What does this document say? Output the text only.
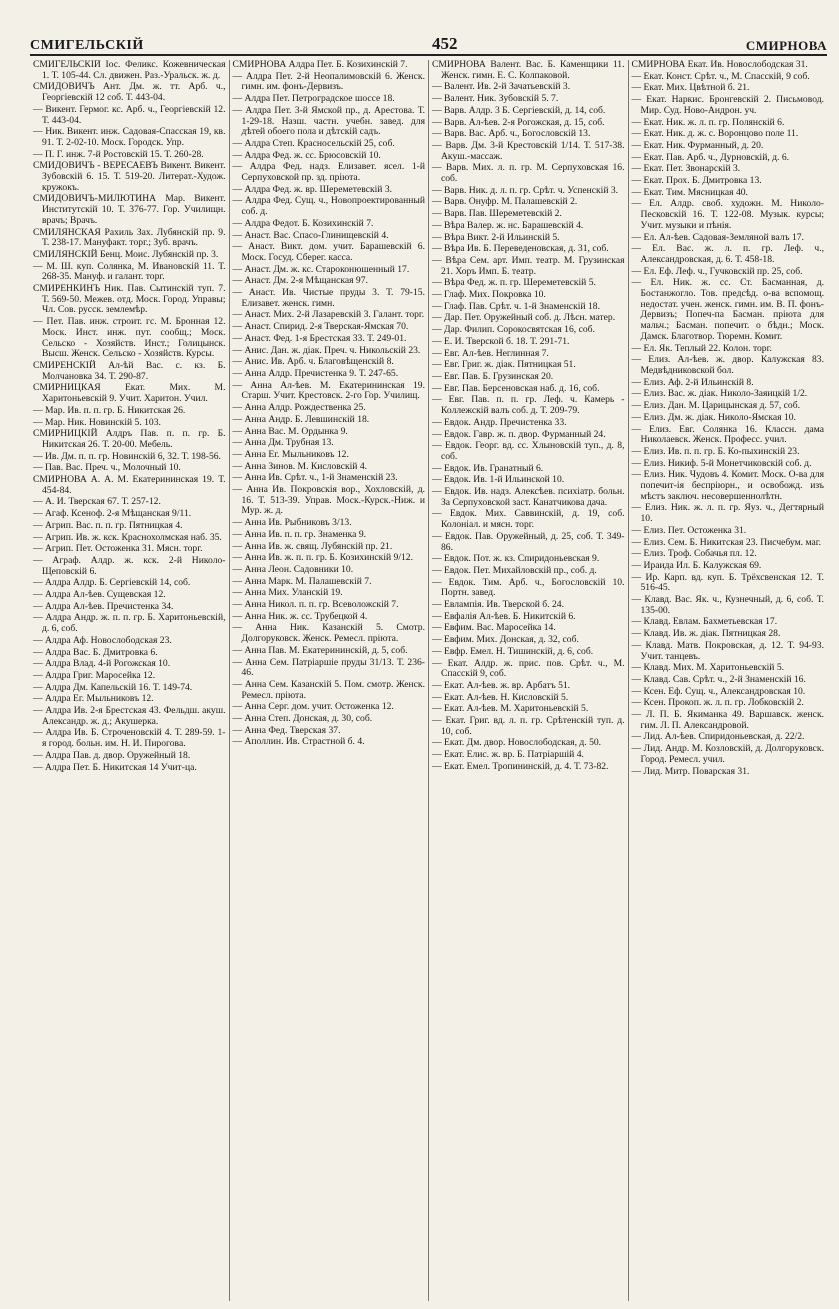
СМИГЕЛЬСКІЙ	452	СМИРНОВА

СМИГЕЛЬСКІЙ Іос. Феликс. Кожевническая 1. Т. 105-44. Сл. движен. Раз.-Уральск. ж. д.

СМИДОВИЧЪ Ант. Дм. ж. тт. Арб. ч., Георгіевскій 12 соб. Т. 443-04.

— Викент. Гермог. кс. Арб. ч., Георгіевскій 12. Т. 443-04.

— Ник. Викент. инж. Садовая-Спасская 19, кв. 91. Т. 2-02-10. Моск. Городск. Упр.

— П. Г. инж. 7-й Ростовскій 15. Т. 260-28.

СМИДОВИЧЪ - ВЕРЕСАЕВЪ Викент. Викент. Зубовскій 6. 15. Т. 519-20. Литерат.-Худож. кружокъ.

СМИДОВИЧЪ-МИЛЮТИНА Мар. Викент. Институтскій 10. Т. 376-77. Гор. Училищн. врачъ; Врачъ.

СМИЛЯНСКАЯ Рахиль Зах. Лубянскій пр. 9. Т. 238-17. Мануфакт. торг.; Зуб. врачъ.

СМИЛЯНСКІЙ Бенц. Моис. Лубянскій пр. 3.

— М. Ш. куп. Солянка, М. Ивановскій 11. Т. 268-35. Мануф. и галант. торг.

СМИРЕНКИНЪ Ник. Пав. Сытинскій туп. 7. Т. 569-50. Межев. отд. Моск. Город. Управы; Чл. Сов. русск. землемѣр.

— Пет. Пав. инж. строит. гс. М. Бронная 12. Моск. Инст. инж. пут. сообщ.; Моск. Сельско - Хозяйств. Инст.; Голицынск. Высш. Женск. Сельско - Хозяйств. Курсы.

СМИРЕНСКІЙ Ал-ѣй Вас. с. кз. Б. Молчановка 34. Т. 290-87.

СМИРНИЦКАЯ Екат. Мих. М. Харитоньевскій 9. Учит. Харитон. Учил.

— Мар. Ив. п. п. гр. Б. Никитская 26.

— Мар. Ник. Новинскій 5. 103.

СМИРНИЦКІЙ Алдръ Пав. п. п. гр. Б. Никитская 26. Т. 20-00. Мебель.

— Ив. Дм. п. п. гр. Новинскій 6, 32. Т. 198-56.

— Пав. Вас. Преч. ч., Молочный 10.

СМИРНОВА А. А. М. Екатерининская 19. Т. 454-84.

— А. И. Тверская 67. Т. 257-12.

— Агаф. Ксеноф. 2-я Мѣщанская 9/11.

— Агрип. Вас. п. п. гр. Пятницкая 4.

— Агрип. Ив. ж. кск. Краснохолмская наб. 35.

— Агрип. Пет. Остоженка 31. Мясн. торг.

— Аграф. Алдр. ж. кск. 2-й Николо-Щеповскій 6.

— Алдра Алдр. Б. Сергіевскій 14, соб.

— Алдра Ал-ѣев. Сущевская 12.

— Алдра Ал-ѣев. Пречистенка 34.

— Алдра Андр. ж. п. п. гр. Б. Харитоньевскій, д. 6, соб.

— Алдра Аф. Новослободская 23.

— Алдра Вас. Б. Дмитровка 6.

— Алдра Влад. 4-й Рогожская 10.

— Алдра Григ. Маросейка 12.

— Алдра Дм. Капельскій 16. Т. 149-74.

— Алдра Ег. Мыльниковъ 12.

— Алдра Ив. 2-я Брестская 43. Фельдш. акуш. Александр. ж. д.; Акушерка.

— Алдра Ив. Б. Строченовскій 4. Т. 289-59. 1-я город. больн. им. Н. И. Пирогова.

— Алдра Пав. д. двор. Оружейный 18.

— Алдра Пет. Б. Никитская 14 Учит-ца.

СМИРНОВА Алдра Пет. Б. Козихинскій 7.

— Алдра Пет. 2-й Неопалимовскій 6. Женск. гимн. им. фонъ-Дервизъ.

— Алдра Пет. Петроградское шоссе 18.

— Алдра Пет. 3-й Ямской пр., д. Арестова. Т. 1-29-18. Назш. частн. учебн. завед. для дѣтей обоего пола и дѣтскій садъ.

— Алдра Степ. Красносельскій 25, соб.

— Алдра Фед. ж. сс. Брюсовскій 10.

— Алдра Фед. надз. Елизавет. ясел. 1-й Серпуховской пр. зд. пріюта.

— Алдра Фед. ж. вр. Шереметевскій 3.

— Алдра Фед. Сущ. ч., Новопроектированный соб. д.

— Алдра Федот. Б. Козихинскій 7.

— Анаст. Вас. Спасо-Глинищевскій 4.

— Анаст. Викт. дом. учит. Барашевскій 6. Моск. Госуд. Сберег. касса.

— Анаст. Дм. ж. кс. Староконюшенный 17.

— Анаст. Дм. 2-я Мѣщанская 97.

— Анаст. Ив. Чистые пруды 3. Т. 79-15. Елизавет. женск. гимн.

— Анаст. Мих. 2-й Лазаревскій 3. Галант. торг.

— Анаст. Спирид. 2-я Тверская-Ямская 70.

— Анаст. Фед. 1-я Брестская 33. Т. 249-01.

— Анис. Дан. ж. діак. Преч. ч. Никольскій 23.

— Анис. Ив. Арб. ч. Благовѣщенскій 8.

— Анна Алдр. Пречистенка 9. Т. 247-65.

— Анна Ал-ѣев. М. Екатерининская 19. Старш. Учит. Крестовск. 2-го Гор. Училищ.

— Анна Алдр. Рождественка 25.

— Анна Андр. Б. Левшинскій 18.

— Анна Вас. М. Ордынка 9.

— Анна Дм. Трубная 13.

— Анна Ег. Мыльниковъ 12.

— Анна Зинов. М. Кисловскій 4.

— Анна Ив. Срѣт. ч., 1-й Знаменскій 23.

— Анна Ив. Покровскія вор., Хохловскій, д. 16. Т. 513-39. Управ. Моск.-Курск.-Ниж. и Мур. ж. д.

— Анна Ив. Рыбниковъ 3/13.

— Анна Ив. п. п. гр. Знаменка 9.

— Анна Ив. ж. свящ. Лубянскій пр. 21.

— Анна Ив. ж. п. п. гр. Б. Козихинскій 9/12.

— Анна Леон. Садовники 10.

— Анна Марк. М. Палашевскій 7.

— Анна Мих. Уланскій 19.

— Анна Никол. п. п. гр. Всеволожскій 7.

— Анна Ник. ж. сс. Трубецкой 4.

— Анна Ник. Казанскій 5. Смотр. Долгоруковск. Женск. Ремесл. пріюта.

— Анна Пав. М. Екатерининскій, д. 5, соб.

— Анна Сем. Патріаршіе пруды 31/13. Т. 236-46.

— Анна Сем. Казанскій 5. Пом. смотр. Женск. Ремесл. пріюта.

— Анна Серг. дом. учит. Остоженка 12.

— Анна Степ. Донская, д. 30, соб.

— Анна Фед. Тверская 37.

— Аполлин. Ив. Страстной б. 4.

СМИРНОВА Валент. Вас. Б. Каменщики 11. Женск. гимн. Е. С. Колпаковой.

— Валент. Ив. 2-й Зачатьевскій 3.

— Валент. Ник. Зубовскій 5. 7.

— Варв. Алдр. 3 Б. Сергіевскій, д. 14, соб.

— Варв. Ал-ѣев. 2-я Рогожская, д. 15, соб.

— Варв. Вас. Арб. ч., Богословскій 13.

— Варв. Дм. 3-й Крестовскій 1/14. Т. 517-38. Акуш.-массаж.

— Варв. Мих. л. п. гр. М. Серпуховская 16. соб.

— Варв. Ник. д. л. п. гр. Срѣт. ч. Успенскій 3.

— Варв. Онуфр. М. Палашевскій 2.

— Варв. Пав. Шереметевскій 2.

— Вѣра Валер. ж. нс. Барашевскій 4.

— Вѣра Викт. 2-й Ильинскій 5.

— Вѣра Ив. Б. Переведеновская, д. 31, соб.

— Вѣра Сем. арт. Имп. театр. М. Грузинская 21. Хоръ Имп. Б. театр.

— Вѣра Фед. ж. п. гр. Шереметевскій 5.

— Глаф. Мих. Покровка 10.

— Глаф. Пав. Срѣт. ч. 1-й Знаменскій 18.

— Дар. Пет. Оружейный соб. д. Лѣсн. матер.

— Дар. Филип. Сорокосвятская 16, соб.

— Е. И. Тверской б. 18. Т. 291-71.

— Евг. Ал-ѣев. Неглинная 7.

— Евг. Григ. ж. діак. Пятницкая 51.

— Евг. Пав. Б. Грузинская 20.

— Евг. Пав. Берсеновская наб. д. 16, соб.

— Евг. Пав. п. п. гр. Леф. ч. Камерь - Коллежскій валъ соб. д. Т. 209-79.

— Евдок. Андр. Пречистенка 33.

— Евдок. Гавр. ж. п. двор. Фурманный 24.

— Евдок. Георг. вд. сс. Хлыновскій туп., д. 8, соб.

— Евдок. Ив. Гранатный 6.

— Евдок. Ив. 1-й Ильинской 10.

— Евдок. Ив. надз. Алексѣев. психіатр. больн. За Серпуховской заст. Канатчикова дача.

— Евдок. Мих. Саввинскій, д. 19, соб. Колоніал. и мясн. торг.

— Евдок. Пав. Оружейный, д. 25, соб. Т. 349-86.

— Евдок. Пот. ж. кз. Спиридоньевская 9.

— Евдок. Пет. Михайловскій пр., соб. д.

— Евдок. Тим. Арб. ч., Богословскій 10. Портн. завед.

— Евлампія. Ив. Тверской б. 24.

— Евфалія Ал-ѣев. Б. Никитскій 6.

— Евфим. Вас. Маросейка 14.

— Евфим. Мих. Донская, д. 32, соб.

— Евфр. Емел. Н. Тишинскій, д. 6, соб.

— Екат. Алдр. ж. прис. пов. Срѣт. ч., М. Спасскій 9, соб.

— Екат. Ал-ѣев. ж. вр. Арбатъ 51.

— Екат. Ал-ѣев. Н. Кисловскій 5.

— Екат. Ал-ѣев. М. Харитоньевскій 5.

— Екат. Григ. вд. л. п. гр. Срѣтенскій туп. д. 10, соб.

— Екат. Дм. двор. Новослободская, д. 50.

— Екат. Елис. ж. вр. Б. Патріаршій 4.

— Екат. Емел. Тропининскій, д. 4. Т. 73-82.

СМИРНОВА Екат. Ив. Новослободская 31.

— Екат. Конст. Срѣт. ч., М. Спасскій, 9 соб.

— Екат. Мих. Цвѣтной б. 21.

— Екат. Наркис. Бронгевскій 2. Письмовод. Мир. Суд. Ново-Андрон. уч.

— Екат. Ник. ж. л. п. гр. Полянскій 6.

— Екат. Ник. д. ж. с. Воронцово поле 11.

— Екат. Ник. Фурманный, д. 20.

— Екат. Пав. Арб. ч., Дурновскій, д. 6.

— Екат. Пет. Звонарскій 3.

— Екат. Прох. Б. Дмитровка 13.

— Екат. Тим. Мясницкая 40.

— Ел. Алдр. своб. художн. М. Николо-Песковскій 16. Т. 122-08. Музык. курсы; Учит. музыки и пѣнія.

— Ел. Ал-ѣев. Садовая-Земляной валъ 17.

— Ел. Вас. ж. л. п. гр. Леф. ч., Александровская, д. 6. Т. 458-18.

— Ел. Еф. Леф. ч., Гучковскій пр. 25, соб.

— Ел. Ник. ж. сс. Ст. Басманная, д. Бостанжогло. Тов. предсѣд. о-ва вспомощ. недостат. учен. женск. гимн. им. В. П. фонъ-Дервизъ; Попеч-па Басман. пріюта для мальч.; Басман. попечит. о бѣдн.; Моск. Дамск. Благотвор. Тюремн. Комит.

— Ел. Як. Теплый 22. Колон. торг.

— Елиз. Ал-ѣев. ж. двор. Калужская 83. Медвѣдниковской бол.

— Елиз. Аф. 2-й Ильинскій 8.

— Елиз. Вас. ж. діак. Николо-Заяицкій 1/2.

— Елиз. Дан. М. Царицынская д. 57, соб.

— Елиз. Дм. ж. діак. Николо-Ямская 10.

— Елиз. Евг. Солянка 16. Классн. дама Николаевск. Женск. Професс. учил.

— Елиз. Ив. п. п. гр. Б. Ко-пыхинскій 23.

— Елиз. Никиф. 5-й Монетчиковскій соб. д.

— Елиз. Ник. Чудовъ 4. Комит. Моск. О-ва для попечит-ія беспріюрн., и освобожд. изъ мѣстъ заключ. несовершеннолѣтн.

— Елиз. Ник. ж. л. п. гр. Яуз. ч., Дегтярный 10.

— Елиз. Пет. Остоженка 31.

— Елиз. Сем. Б. Никитская 23. Писчебум. маг.

— Елиз. Троф. Собачья пл. 12.

— Ираида Ил. Б. Калужская 69.

— Ир. Карп. вд. куп. Б. Трёхсвенская 12. Т. 516-45.

— Клавд. Вас. Як. ч., Кузнечный, д. 6, соб. Т. 135-00.

— Клавд. Евлам. Бахметьевская 17.

— Клавд. Ив. ж. діак. Пятницкая 28.

— Клавд. Матв. Покровская, д. 12. Т. 94-93. Учит. танцевъ.

— Клавд. Мих. М. Харитоньевскій 5.

— Клавд. Сав. Срѣт. ч., 2-й Знаменскій 16.

— Ксен. Еф. Сущ. ч., Александровская 10.

— Ксен. Прокоп. ж. л. п. гр. Лобковскій 2.

— Л. П. Б. Якиманка 49. Варшавск. женск. гим. Л. П. Александровой.

— Лид. Ал-ѣев. Спиридоньевская, д. 22/2.

— Лид. Андр. М. Козловскій, д. Долгоруковск. Город. Ремесл. учил.

— Лид. Митр. Поварская 31.
